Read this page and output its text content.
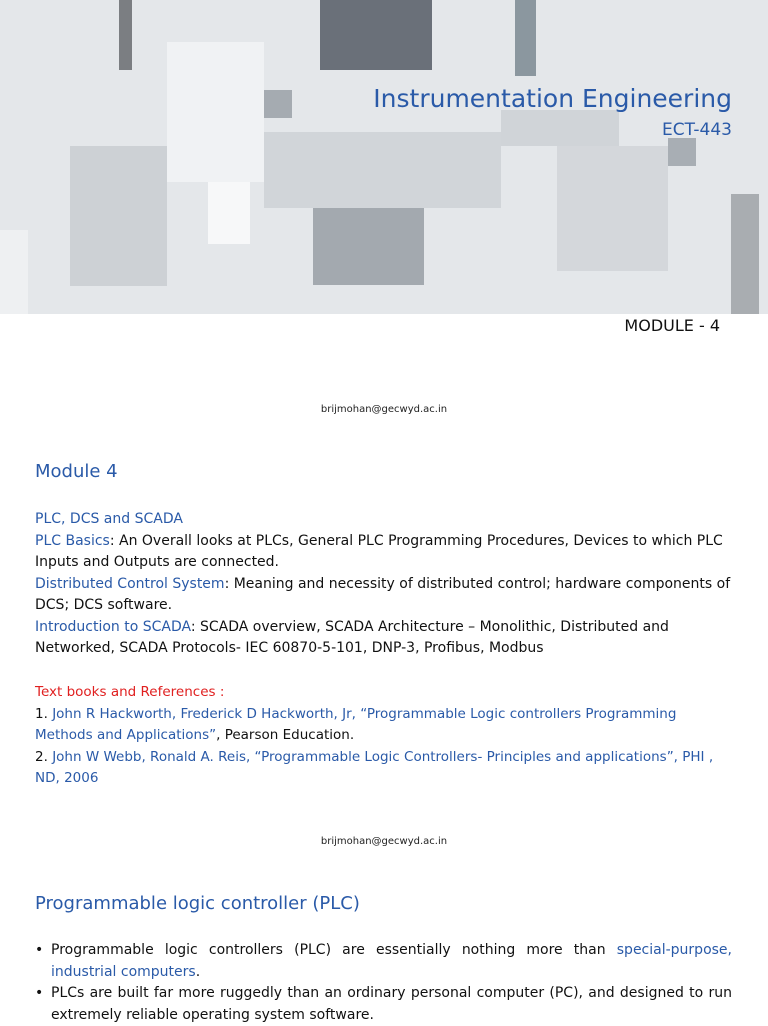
Instrumentation Engineering
ECT-443
MODULE - 4
brijmohan@gecwyd.ac.in
Module 4
PLC, DCS and SCADA
PLC Basics: An Overall looks at PLCs, General PLC Programming Procedures, Devices to which PLC Inputs and Outputs are connected.
Distributed Control System: Meaning and necessity of distributed control; hardware components of DCS; DCS software.
Introduction to SCADA: SCADA overview, SCADA Architecture – Monolithic, Distributed and Networked, SCADA Protocols- IEC 60870-5-101, DNP-3, Profibus, Modbus
Text books and References :
1. John R Hackworth, Frederick D Hackworth, Jr, “Programmable Logic controllers Programming Methods and Applications”, Pearson Education.
2. John W Webb, Ronald A. Reis, “Programmable Logic Controllers- Principles and applications”, PHI , ND, 2006
brijmohan@gecwyd.ac.in
Programmable logic controller (PLC)
• Programmable logic controllers (PLC) are essentially nothing more than special-purpose, industrial computers.
• PLCs are built far more ruggedly than an ordinary personal computer (PC), and designed to run extremely reliable operating system software.
